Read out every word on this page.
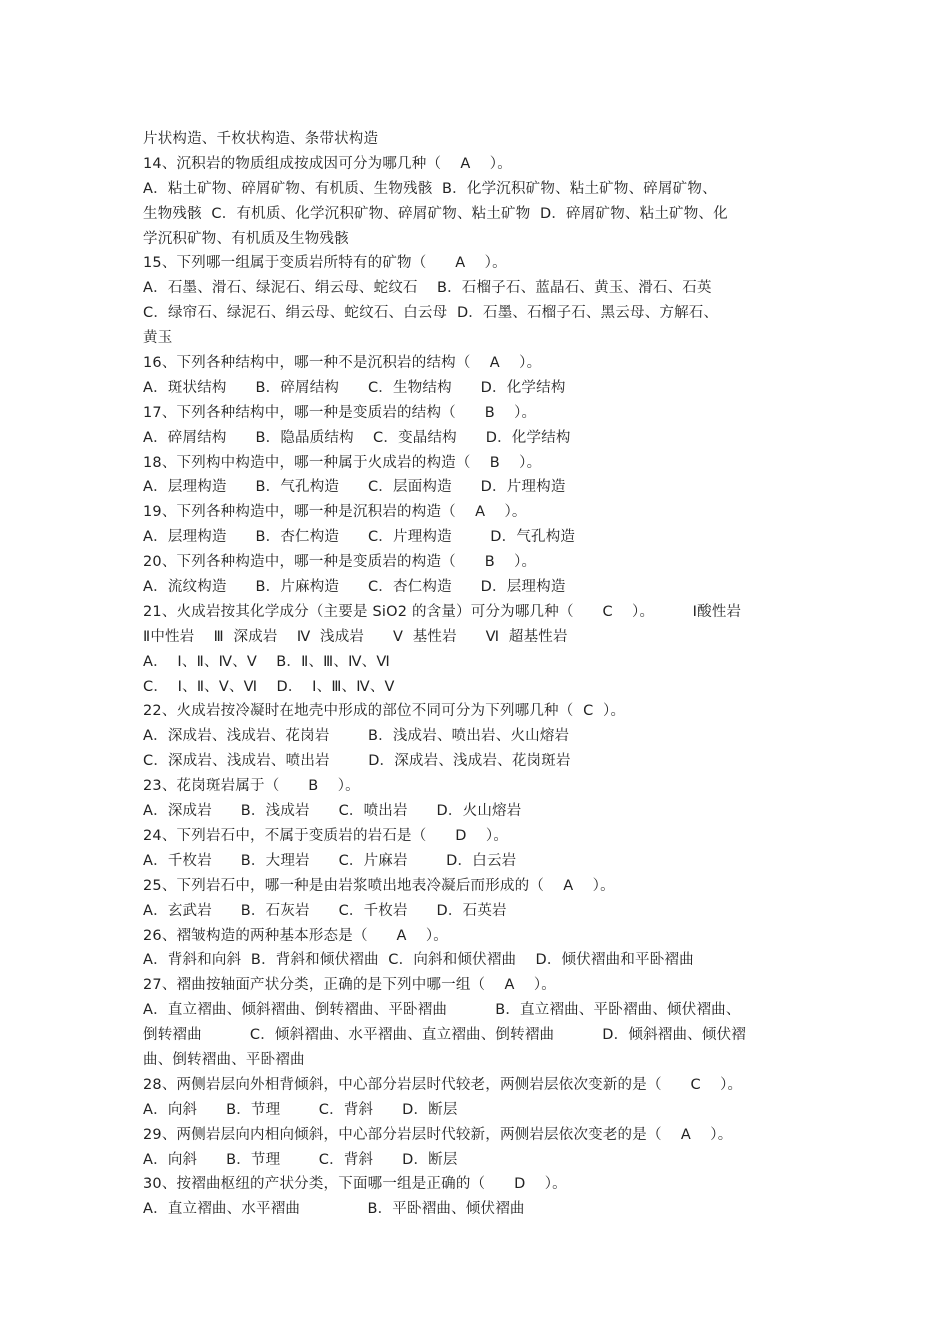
片状构造、千枚状构造、条带状构造
14、沉积岩的物质组成按成因可分为哪几种（    A    ）。
A．粘土矿物、碎屑矿物、有机质、生物残骸  B．化学沉积矿物、粘土矿物、碎屑矿物、
生物残骸  C．有机质、化学沉积矿物、碎屑矿物、粘土矿物  D．碎屑矿物、粘土矿物、化
学沉积矿物、有机质及生物残骸
15、下列哪一组属于变质岩所特有的矿物（      A    ）。
A．石墨、滑石、绿泥石、绢云母、蛇纹石    B．石榴子石、蓝晶石、黄玉、滑石、石英
C．绿帘石、绿泥石、绢云母、蛇纹石、白云母  D．石墨、石榴子石、黑云母、方解石、
黄玉
16、下列各种结构中，哪一种不是沉积岩的结构（    A    ）。
A．斑状结构      B．碎屑结构      C．生物结构      D．化学结构
17、下列各种结构中，哪一种是变质岩的结构（      B    ）。
A．碎屑结构      B．隐晶质结构    C．变晶结构      D．化学结构
18、下列构中构造中，哪一种属于火成岩的构造（    B    ）。
A．层理构造      B．气孔构造      C．层面构造      D．片理构造
19、下列各种构造中，哪一种是沉积岩的构造（    A    ）。
A．层理构造      B．杏仁构造      C．片理构造        D．气孔构造
20、下列各种构造中，哪一种是变质岩的构造（      B    ）。
A．流纹构造      B．片麻构造      C．杏仁构造      D．层理构造
21、火成岩按其化学成分（主要是 SiO2 的含量）可分为哪几种（      C    ）。        Ⅰ酸性岩
Ⅱ中性岩    Ⅲ  深成岩    Ⅳ  浅成岩      Ⅴ  基性岩      Ⅵ  超基性岩
A．  Ⅰ、Ⅱ、Ⅳ、Ⅴ    B．Ⅱ、Ⅲ、Ⅳ、Ⅵ
C．  Ⅰ、Ⅱ、Ⅴ、Ⅵ    D．  Ⅰ、Ⅲ、Ⅳ、Ⅴ
22、火成岩按冷凝时在地壳中形成的部位不同可分为下列哪几种（  C  ）。
A．深成岩、浅成岩、花岗岩        B．浅成岩、喷出岩、火山熔岩
C．深成岩、浅成岩、喷出岩        D．深成岩、浅成岩、花岗斑岩
23、花岗斑岩属于（      B    ）。
A．深成岩      B．浅成岩      C．喷出岩      D．火山熔岩
24、下列岩石中，不属于变质岩的岩石是（      D    ）。
A．千枚岩      B．大理岩      C．片麻岩        D．白云岩
25、下列岩石中，哪一种是由岩浆喷出地表冷凝后而形成的（    A    ）。
A．玄武岩      B．石灰岩      C．千枚岩      D．石英岩
26、褶皱构造的两种基本形态是（      A    ）。
A．背斜和向斜  B．背斜和倾伏褶曲  C．向斜和倾伏褶曲    D．倾伏褶曲和平卧褶曲
27、褶曲按轴面产状分类，正确的是下列中哪一组（    A    ）。
A．直立褶曲、倾斜褶曲、倒转褶曲、平卧褶曲          B．直立褶曲、平卧褶曲、倾伏褶曲、
倒转褶曲          C．倾斜褶曲、水平褶曲、直立褶曲、倒转褶曲          D．倾斜褶曲、倾伏褶
曲、倒转褶曲、平卧褶曲
28、两侧岩层向外相背倾斜，中心部分岩层时代较老，两侧岩层依次变新的是（      C    ）。
A．向斜      B．节理        C．背斜      D．断层
29、两侧岩层向内相向倾斜，中心部分岩层时代较新，两侧岩层依次变老的是（    A    ）。
A．向斜      B．节理        C．背斜      D．断层
30、按褶曲枢纽的产状分类，下面哪一组是正确的（      D    ）。
A．直立褶曲、水平褶曲              B．平卧褶曲、倾伏褶曲
